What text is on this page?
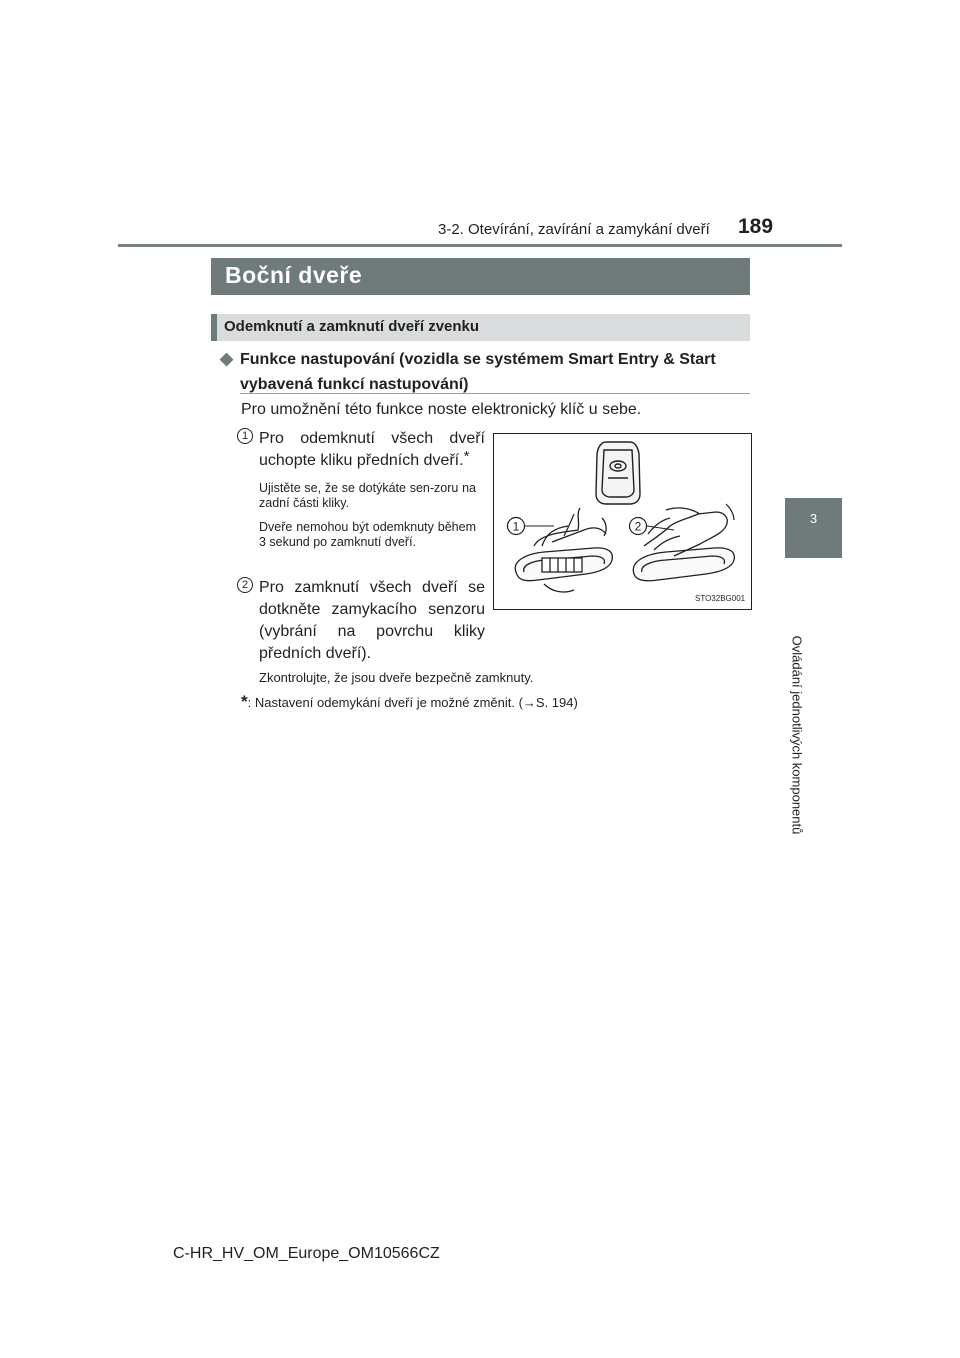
3-2. Otevírání, zavírání a zamykání dveří 189
3
Ovládání jednotlivých komponentů
Boční dveře
Odemknutí a zamknutí dveří zvenku
◆ Funkce nastupování (vozidla se systémem Smart Entry & Start
vybavená funkcí nastupování)
Pro umožnění této funkce noste elektronický klíč u sebe.
1 Pro odemknutí všech dveří uchopte kliku předních dveří.*
Ujistěte se, že se dotýkáte sen-zoru na zadní části kliky.
Dveře nemohou být odemknuty během 3 sekund po zamknutí dveří.
2 Pro zamknutí všech dveří se dotkněte zamykacího senzoru (vybrání na povrchu kliky předních dveří).
1	2
STO32BG001
Zkontrolujte, že jsou dveře bezpečně zamknuty.
*: Nastavení odemykání dveří je možné změnit. (→S. 194)
C-HR_HV_OM_Europe_OM10566CZ
